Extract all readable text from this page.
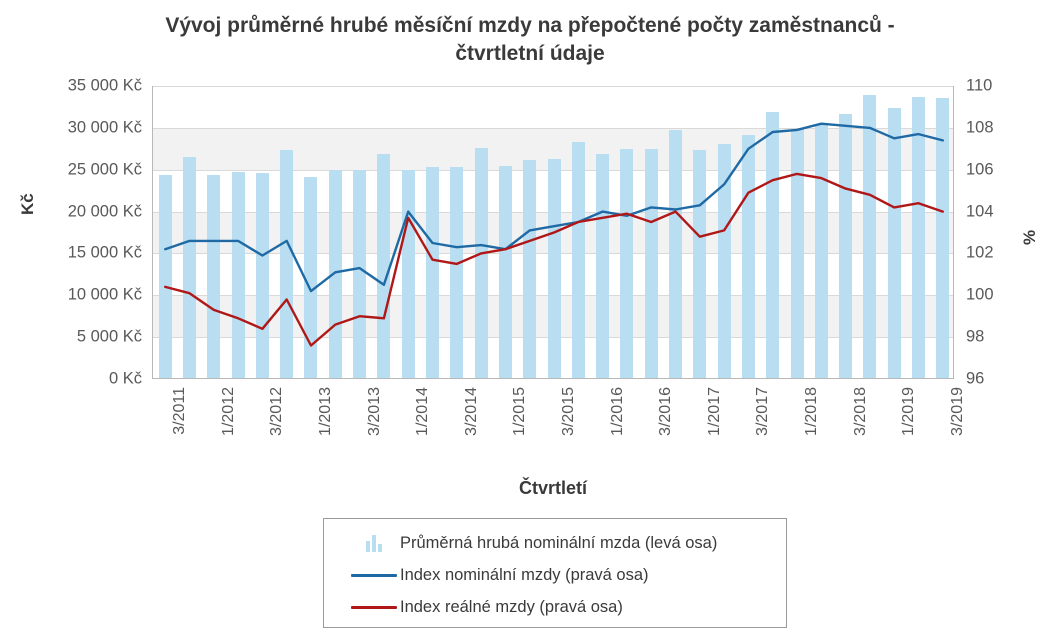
Vývoj průměrné hrubé měsíční mzdy na přepočtené počty zaměstnanců - čtvrtletní údaje
Kč
%
0 Kč
5 000 Kč
10 000 Kč
15 000 Kč
20 000 Kč
25 000 Kč
30 000 Kč
35 000 Kč
96
98
100
102
104
106
108
110
3/2011 1/2012 3/2012 1/2013 3/2013 1/2014 3/2014 1/2015 3/2015 1/2016 3/2016 1/2017 3/2017 1/2018 3/2018 1/2019 3/2019
Čtvrtletí
Průměrná hrubá nominální mzda (levá osa)
Index nominální mzdy (pravá osa)
Index reálné mzdy (pravá osa)
